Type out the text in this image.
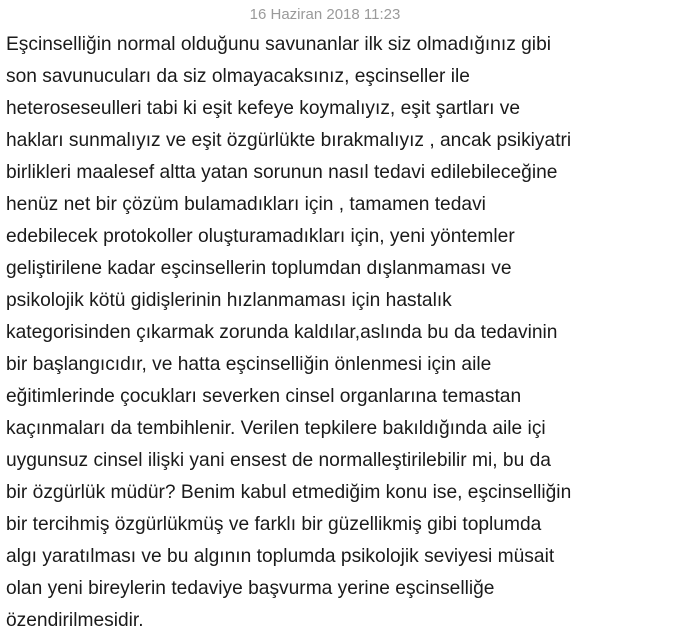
16 Haziran 2018 11:23
Eşcinselliğin normal olduğunu savunanlar ilk siz olmadığınız gibi
son savunucuları da siz olmayacaksınız, eşcinseller ile
heteroseseulleri tabi ki eşit kefeye koymalıyız, eşit şartları ve
hakları sunmalıyız ve eşit özgürlükte bırakmalıyız , ancak psikiyatri
birlikleri maalesef altta yatan sorunun nasıl tedavi edilebileceğine
henüz net bir çözüm bulamadıkları için , tamamen tedavi
edebilecek protokoller oluşturamadıkları için, yeni yöntemler
geliştirilene kadar eşcinsellerin toplumdan dışlanmaması ve
psikolojik kötü gidişlerinin hızlanmaması için hastalık
kategorisinden çıkarmak zorunda kaldılar,aslında bu da tedavinin
bir başlangıcıdır, ve hatta eşcinselliğin önlenmesi için aile
eğitimlerinde çocukları severken cinsel organlarına temastan
kaçınmaları da tembihlenir. Verilen tepkilere bakıldığında aile içi
uygunsuz cinsel ilişki yani ensest de normalleştirilebilir mi, bu da
bir özgürlük müdür? Benim kabul etmediğim konu ise, eşcinselliğin
bir tercihmiş özgürlükmüş ve farklı bir güzellikmiş gibi toplumda
algı yaratılması ve bu algının toplumda psikolojik seviyesi müsait
olan yeni bireylerin tedaviye başvurma yerine eşcinselliğe
özendirilmesidir.
